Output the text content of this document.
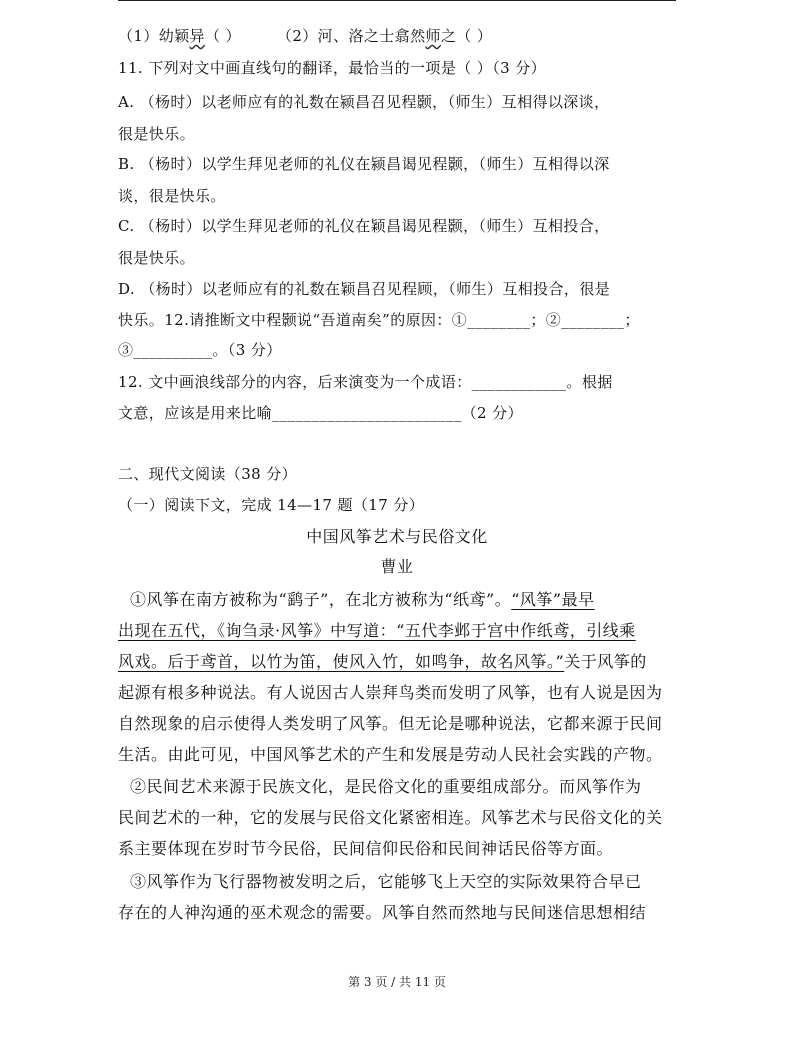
（1）幼颖异（ ） （2）河、洛之士翕然师之（ ）
11. 下列对文中画直线句的翻译，最恰当的一项是（ ）（3 分）
A. （杨时）以老师应有的礼数在颍昌召见程颢，（师生）互相得以深谈，
很是快乐。
B. （杨时）以学生拜见老师的礼仪在颍昌谒见程颢，（师生）互相得以深
谈，很是快乐。
C. （杨时）以学生拜见老师的礼仪在颖昌谒见程颢，（师生）互相投合，
很是快乐。
D. （杨时）以老师应有的礼数在颖昌召见程顾，（师生）互相投合，很是
快乐。12.请推断文中程颢说“吾道南矣”的原因：①________；②________；
③__________。（3 分）
12. 文中画浪线部分的内容，后来演变为一个成语：____________。根据
文意，应该是用来比喻________________________（2 分）
二、现代文阅读（38 分）
（一）阅读下文，完成 14—17 题（17 分）
中国风筝艺术与民俗文化
曹业
①风筝在南方被称为“鹞子”，在北方被称为“纸鸢”。“风筝”最早
出现在五代，《询刍录·风筝》中写道：“五代李邺于宫中作纸鸢，引线乘
风戏。后于鸢首，以竹为笛，使风入竹，如鸣争，故名风筝。”关于风筝的
起源有根多种说法。有人说因古人崇拜鸟类而发明了风筝，也有人说是因为
自然现象的启示使得人类发明了风筝。但无论是哪种说法，它都来源于民间
生活。由此可见，中国风筝艺术的产生和发展是劳动人民社会实践的产物。
②民间艺术来源于民族文化，是民俗文化的重要组成部分。而风筝作为
民间艺术的一种，它的发展与民俗文化紧密相连。风筝艺术与民俗文化的关
系主要体现在岁时节今民俗，民间信仰民俗和民间神话民俗等方面。
③风筝作为飞行器物被发明之后，它能够飞上天空的实际效果符合早已
存在的人神沟通的巫术观念的需要。风筝自然而然地与民间迷信思想相结
第 3 页 / 共 11 页
